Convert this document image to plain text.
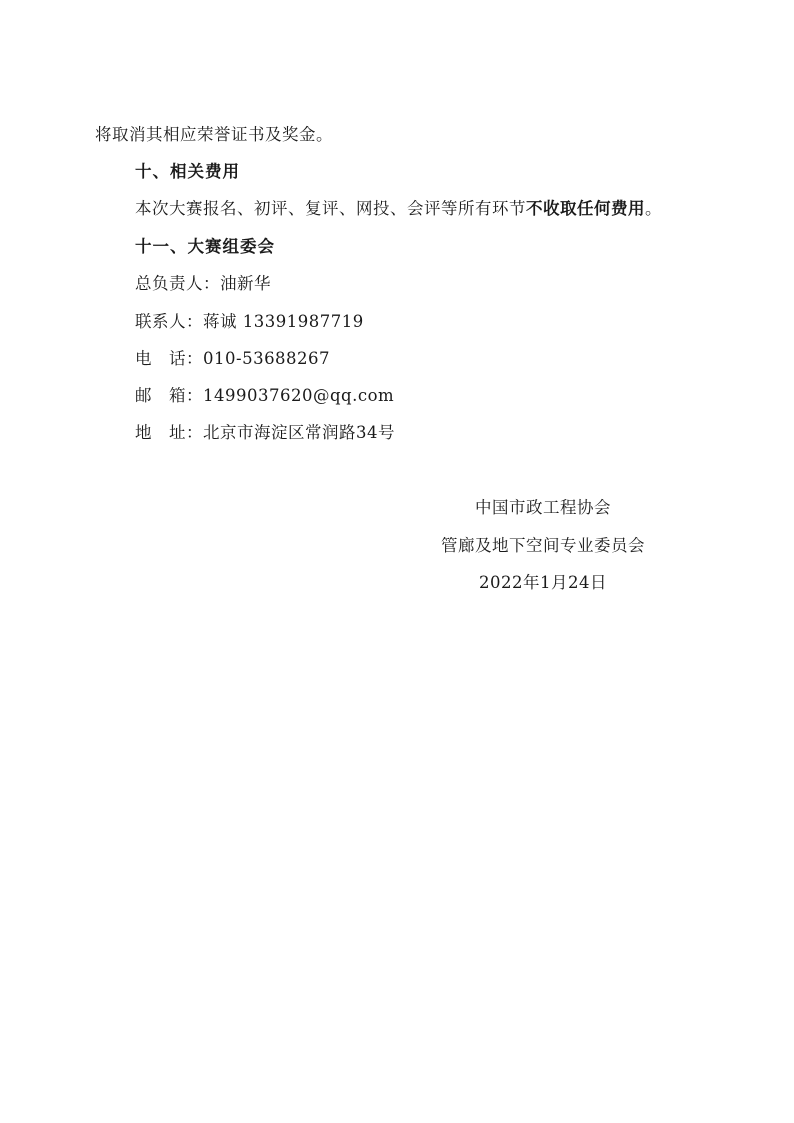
将取消其相应荣誉证书及奖金。
十、相关费用
本次大赛报名、初评、复评、网投、会评等所有环节不收取任何费用。
十一、大赛组委会
总负责人：油新华
联系人：蒋诚 13391987719
电　话：010-53688267
邮　箱：1499037620@qq.com
地　址：北京市海淀区常润路34号
中国市政工程协会
管廊及地下空间专业委员会
2022年1月24日
